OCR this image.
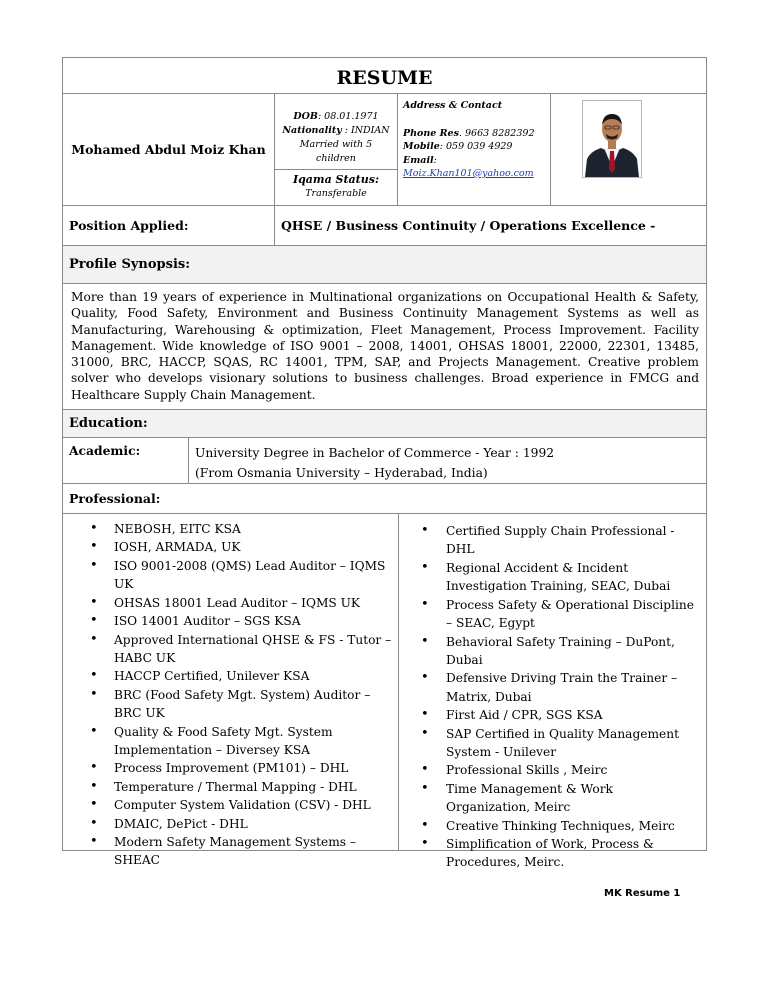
RESUME
Mohamed Abdul Moiz Khan
DOB: 08.01.1971
Nationality : INDIAN
Married with 5 children
Iqama Status:
Transferable
Address & Contact
Phone Res. 9663 8282392
Mobile: 059 039 4929
Email:
Moiz.Khan101@yahoo.com
Position Applied:	QHSE / Business Continuity / Operations Excellence -
Profile Synopsis:
More than 19 years of experience in Multinational organizations on Occupational Health & Safety, Quality, Food Safety, Environment and Business Continuity Management Systems as well as Manufacturing, Warehousing & optimization, Fleet Management, Process Improvement. Facility Management. Wide knowledge of ISO 9001 – 2008, 14001, OHSAS 18001, 22000, 22301, 13485, 31000, BRC, HACCP, SQAS, RC 14001, TPM, SAP, and Projects Management. Creative problem solver who develops visionary solutions to business challenges. Broad experience in FMCG and Healthcare Supply Chain Management.
Education:
Academic:	University Degree in Bachelor of Commerce - Year : 1992
(From Osmania University – Hyderabad, India)
Professional:
• NEBOSH, EITC KSA
• IOSH, ARMADA, UK
• ISO 9001-2008 (QMS) Lead Auditor – IQMS UK
• OHSAS 18001 Lead Auditor – IQMS UK
• ISO 14001 Auditor – SGS KSA
• Approved International QHSE & FS - Tutor – HABC UK
• HACCP Certified, Unilever KSA
• BRC (Food Safety Mgt. System) Auditor – BRC UK
• Quality & Food Safety Mgt. System Implementation – Diversey KSA
• Process Improvement (PM101) – DHL
• Temperature / Thermal Mapping - DHL
• Computer System Validation (CSV) - DHL
• DMAIC, DePict - DHL
• Modern Safety Management Systems – SHEAC
• Certified Supply Chain Professional - DHL
• Regional Accident & Incident Investigation Training, SEAC, Dubai
• Process Safety & Operational Discipline – SEAC, Egypt
• Behavioral Safety Training – DuPont, Dubai
• Defensive Driving Train the Trainer – Matrix, Dubai
• First Aid / CPR, SGS KSA
• SAP Certified in Quality Management System - Unilever
• Professional Skills , Meirc
• Time Management & Work Organization, Meirc
• Creative Thinking Techniques, Meirc
• Simplification of Work, Process & Procedures, Meirc.
MK Resume 1
